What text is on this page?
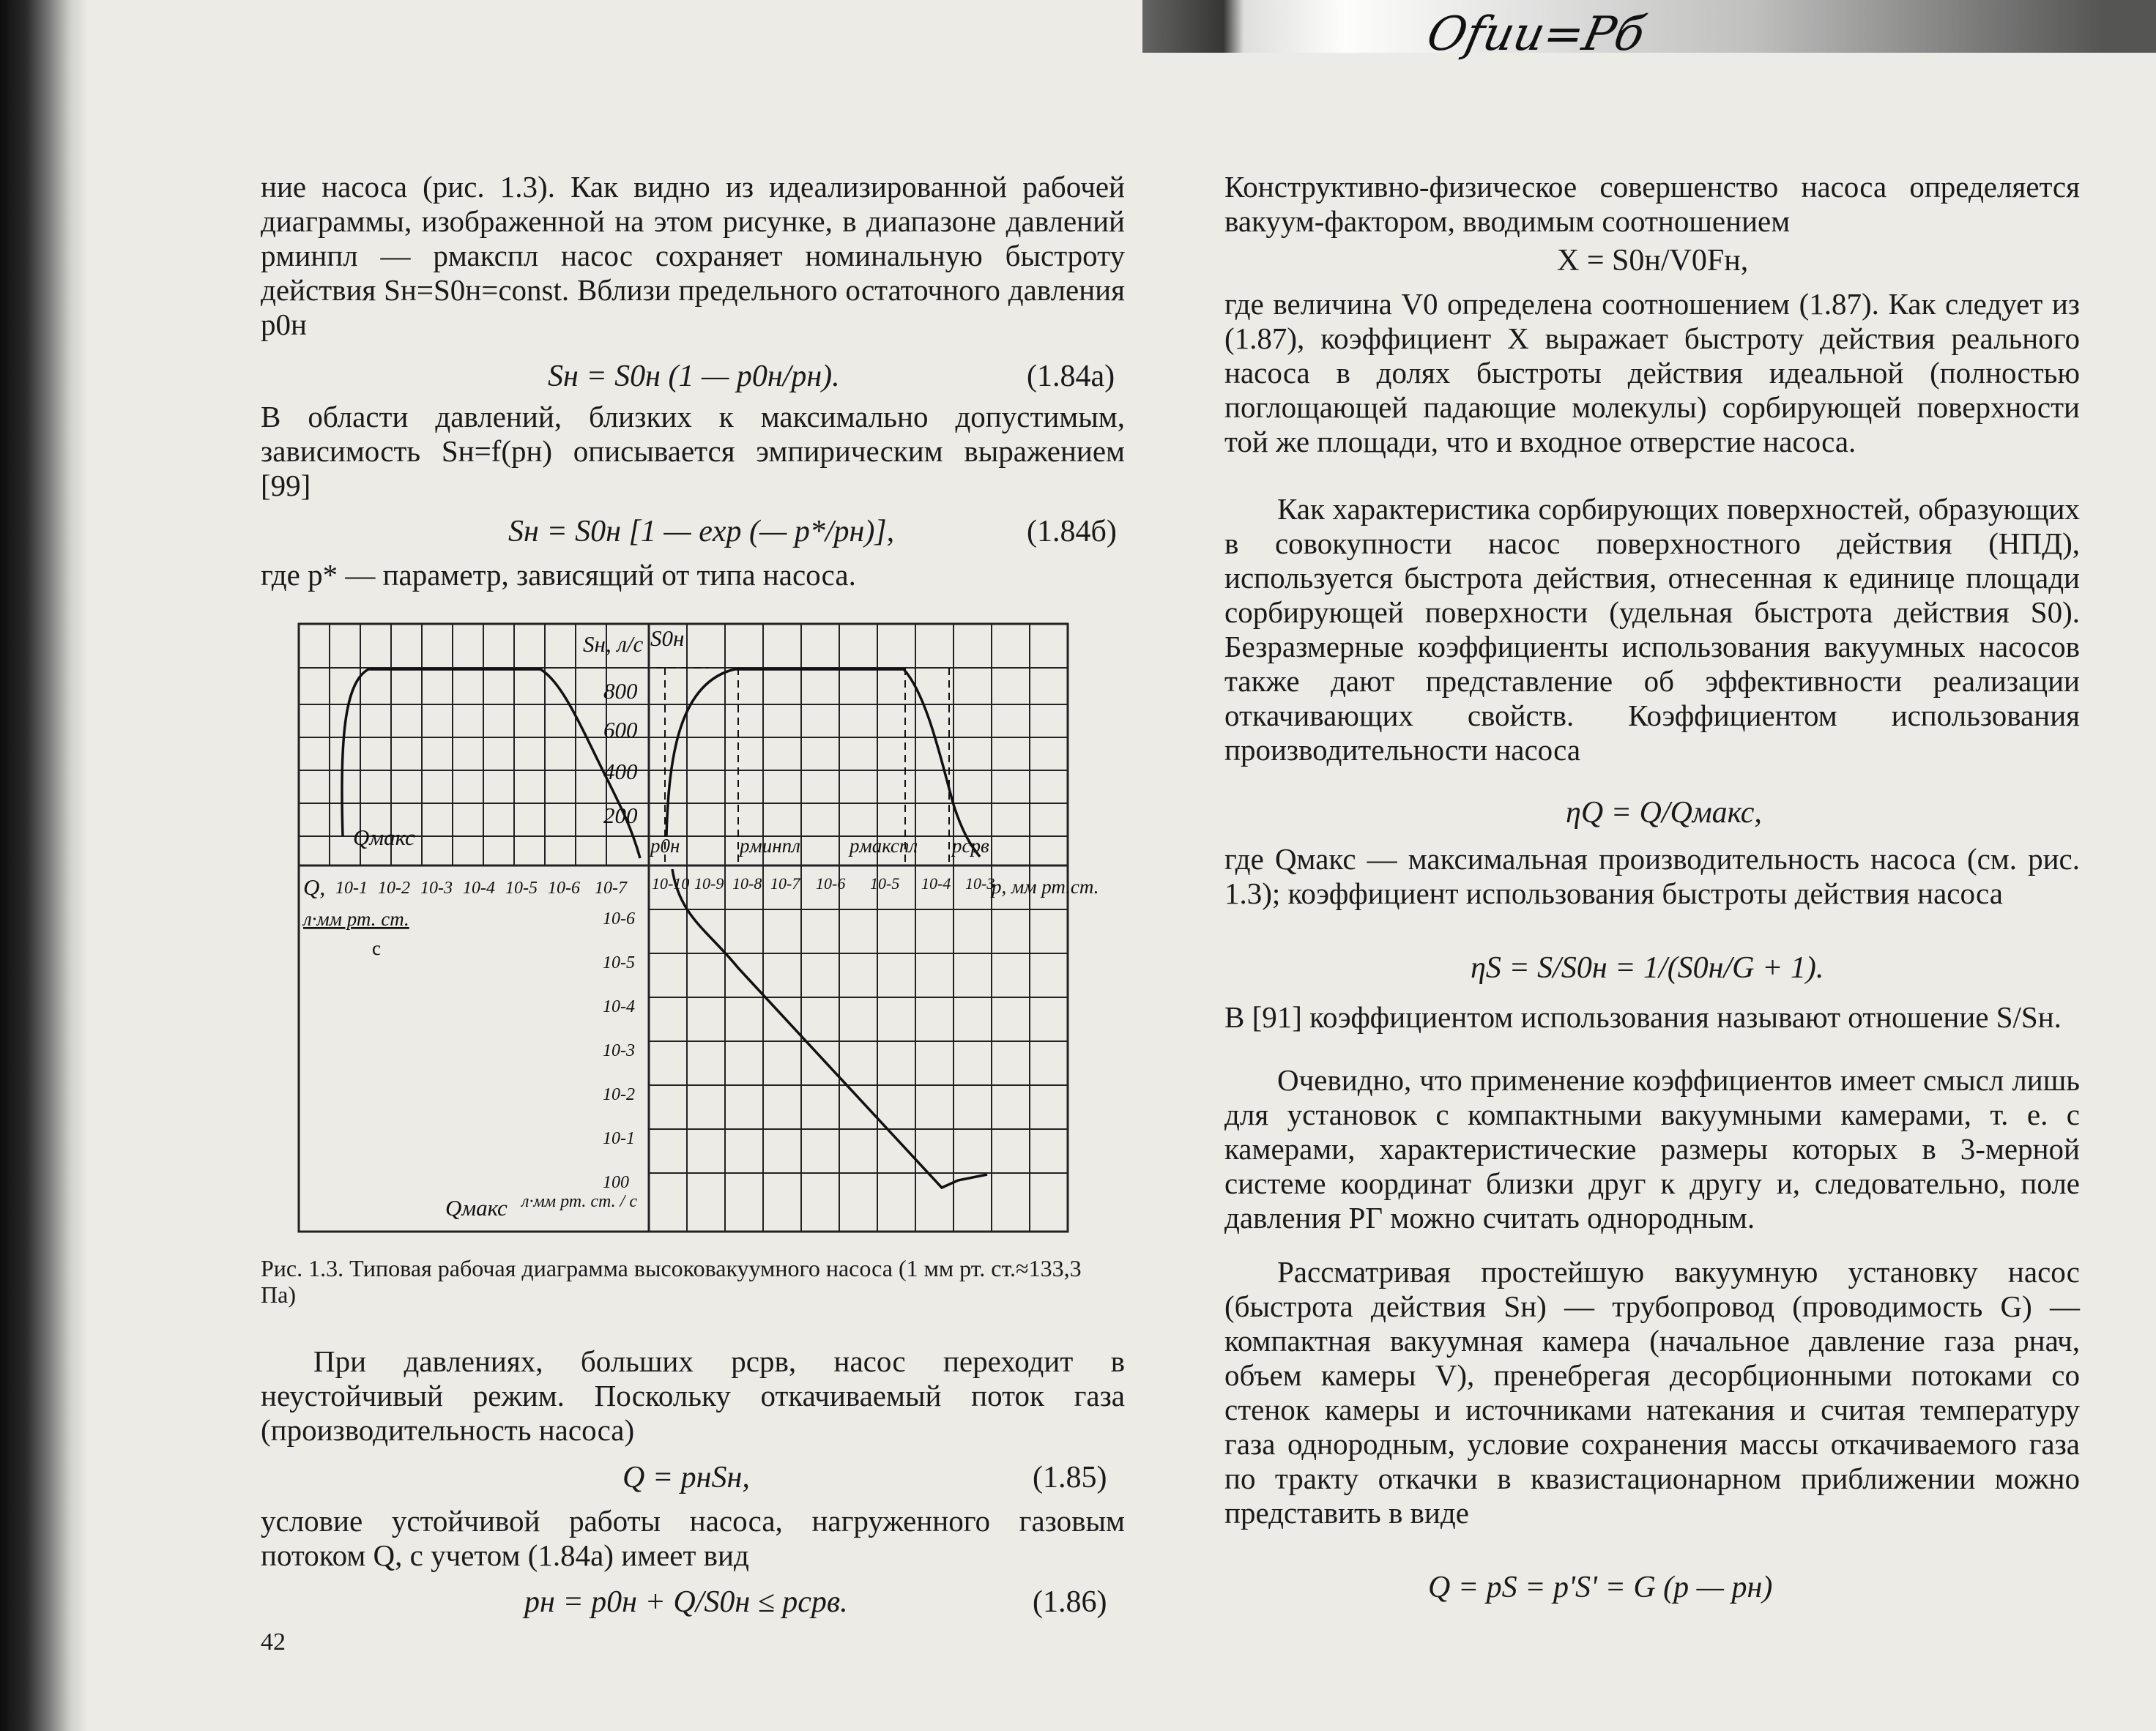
Ofuu=Pб

ние насоса (рис. 1.3). Как видно из идеализированной рабочей диаграммы, изображенной на этом рисунке, в диапазоне давлений pминпл — pмакспл насос сохраняет номинальную быстроту действия Sн=S0н=const. Вблизи предельного остаточного давления p0н

Sн = S0н (1 — p0н/pн).	(1.84а)

В области давлений, близких к максимально допустимым, зависимость Sн=f(pн) описывается эмпирическим выражением [99]

Sн = S0н [1 — exp (— p*/pн)],	(1.84б)

где p* — параметр, зависящий от типа насоса.

Sн, л/с S0н
800
600
400
200
Qмакс	p0н	pминпл pмакспл pсрв
Q, 10-1 10-2 10-3 10-4 10-5 10-6 10-7 10-10 10-9 10-8 10-7 10-6 10-5 10-4 10-3
p, мм рт.ст.
л·мм рт. ст.
с
10-6
10-5
10-4
10-3
10-2
10-1
100
Qмакс л·мм рт. ст. / с
Рис. 1.3. Типовая рабочая диаграмма высоковакуумного насоса (1 мм рт. ст.≈133,3 Па)

При давлениях, больших pсрв, насос переходит в неустойчивый режим. Поскольку откачиваемый поток газа (производительность насоса)

Q = pнSн,	(1.85)

условие устойчивой работы насоса, нагруженного газовым потоком Q, с учетом (1.84а) имеет вид

pн = p0н + Q/S0н ≤ pсрв.	(1.86)
42

Конструктивно-физическое совершенство насоса определяется вакуум-фактором, вводимым соотношением

X = S0н/V0Fн,

где величина V0 определена соотношением (1.87). Как следует из (1.87), коэффициент X выражает быстроту действия реального насоса в долях быстроты действия идеальной (полностью поглощающей падающие молекулы) сорбирующей поверхности той же площади, что и входное отверстие насоса.

Как характеристика сорбирующих поверхностей, образующих в совокупности насос поверхностного действия (НПД), используется быстрота действия, отнесенная к единице площади сорбирующей поверхности (удельная быстрота действия S0). Безразмерные коэффициенты использования вакуумных насосов также дают представление об эффективности реализации откачивающих свойств. Коэффициентом использования производительности насоса

ηQ = Q/Qмакс,

где Qмакс — максимальная производительность насоса (см. рис. 1.3); коэффициент использования быстроты действия насоса

ηS = S/S0н = 1/(S0н/G + 1).

В [91] коэффициентом использования называют отношение S/Sн.

Очевидно, что применение коэффициентов имеет смысл лишь для установок с компактными вакуумными камерами, т. е. с камерами, характеристические размеры которых в 3-мерной системе координат близки друг к другу и, следовательно, поле давления РГ можно считать однородным.

Рассматривая простейшую вакуумную установку насос (быстрота действия Sн) — трубопровод (проводимость G) — компактная вакуумная камера (начальное давление газа pнач, объем камеры V), пренебрегая десорбционными потоками со стенок камеры и источниками натекания и считая температуру газа однородным, условие сохранения массы откачиваемого газа по тракту откачки в квазистационарном приближении можно представить в виде

Q = pS = p'S' = G (p — pн)
